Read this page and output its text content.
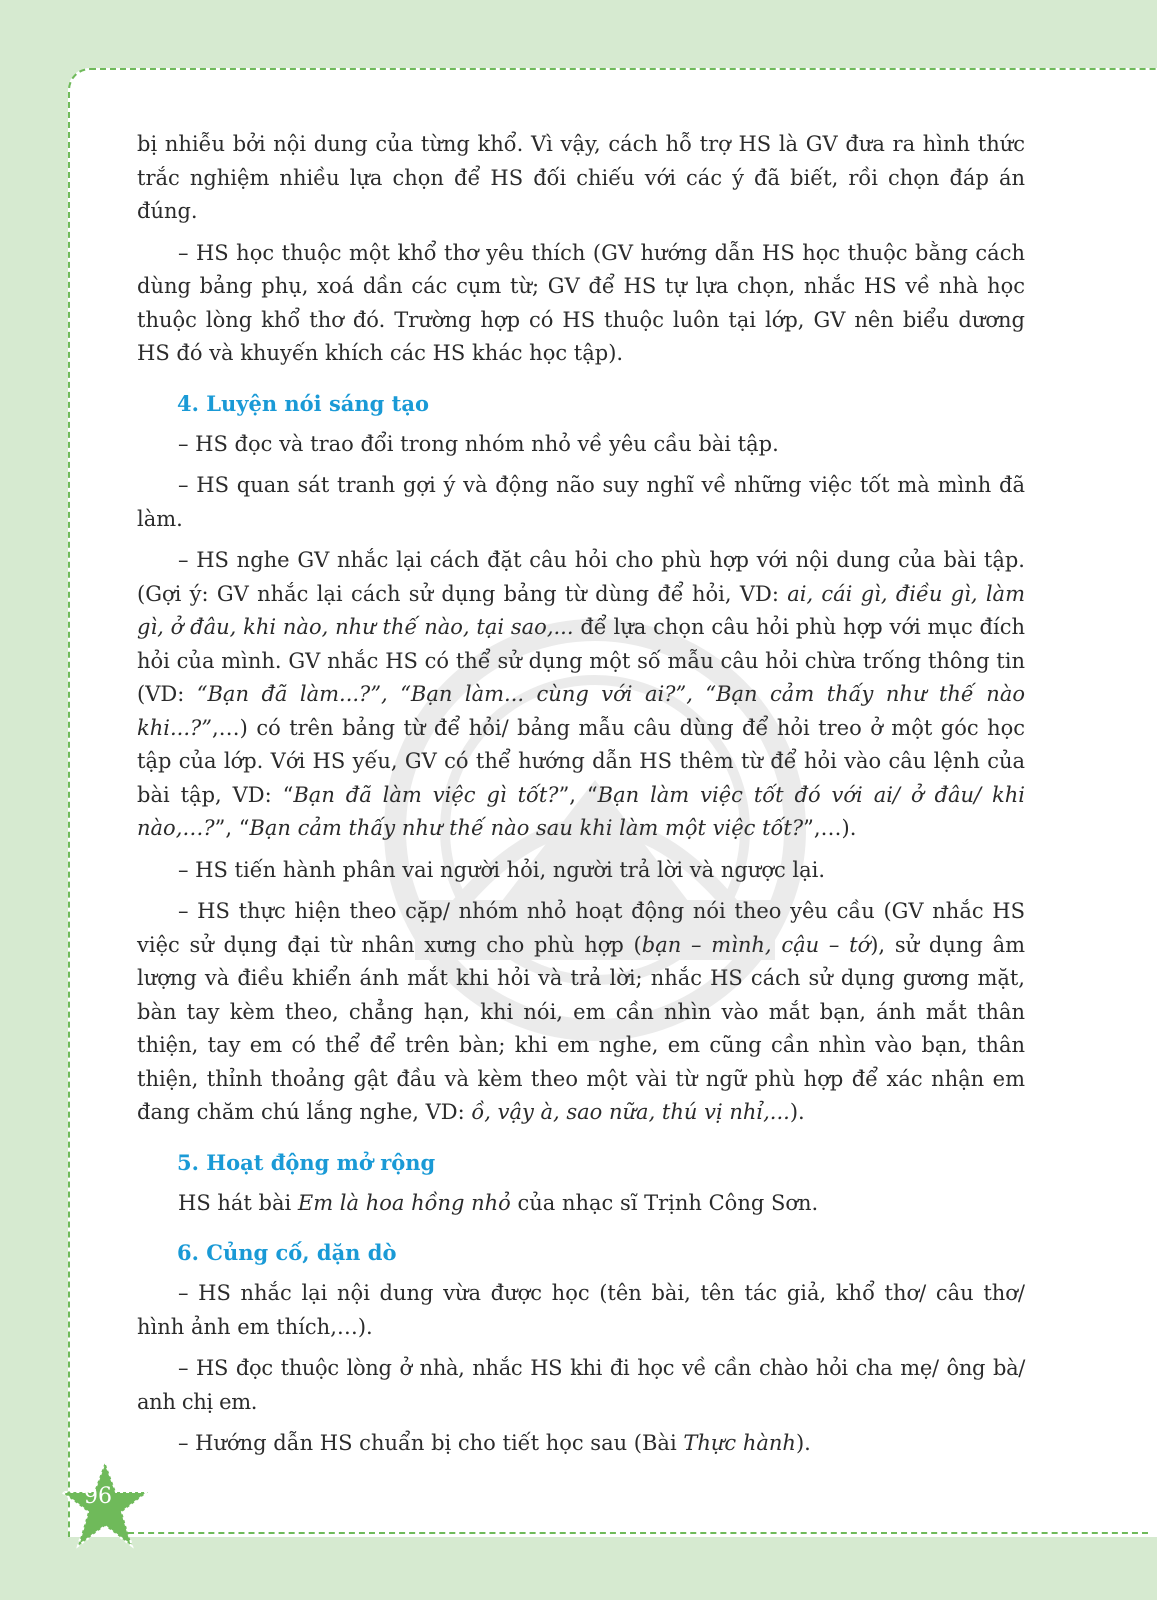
bị nhiễu bởi nội dung của từng khổ. Vì vậy, cách hỗ trợ HS là GV đưa ra hình thức trắc nghiệm nhiều lựa chọn để HS đối chiếu với các ý đã biết, rồi chọn đáp án đúng.

– HS học thuộc một khổ thơ yêu thích (GV hướng dẫn HS học thuộc bằng cách dùng bảng phụ, xoá dần các cụm từ; GV để HS tự lựa chọn, nhắc HS về nhà học thuộc lòng khổ thơ đó. Trường hợp có HS thuộc luôn tại lớp, GV nên biểu dương HS đó và khuyến khích các HS khác học tập).

4. Luyện nói sáng tạo

– HS đọc và trao đổi trong nhóm nhỏ về yêu cầu bài tập.

– HS quan sát tranh gợi ý và động não suy nghĩ về những việc tốt mà mình đã làm.

– HS nghe GV nhắc lại cách đặt câu hỏi cho phù hợp với nội dung của bài tập. (Gợi ý: GV nhắc lại cách sử dụng bảng từ dùng để hỏi, VD: ai, cái gì, điều gì, làm gì, ở đâu, khi nào, như thế nào, tại sao,... để lựa chọn câu hỏi phù hợp với mục đích hỏi của mình. GV nhắc HS có thể sử dụng một số mẫu câu hỏi chừa trống thông tin (VD: “Bạn đã làm...?”, “Bạn làm... cùng với ai?”, “Bạn cảm thấy như thế nào khi...?”,…) có trên bảng từ để hỏi/ bảng mẫu câu dùng để hỏi treo ở một góc học tập của lớp. Với HS yếu, GV có thể hướng dẫn HS thêm từ để hỏi vào câu lệnh của bài tập, VD: “Bạn đã làm việc gì tốt?”, “Bạn làm việc tốt đó với ai/ ở đâu/ khi nào,…?”, “Bạn cảm thấy như thế nào sau khi làm một việc tốt?”,…).

– HS tiến hành phân vai người hỏi, người trả lời và ngược lại.

– HS thực hiện theo cặp/ nhóm nhỏ hoạt động nói theo yêu cầu (GV nhắc HS việc sử dụng đại từ nhân xưng cho phù hợp (bạn – mình, cậu – tớ), sử dụng âm lượng và điều khiển ánh mắt khi hỏi và trả lời; nhắc HS cách sử dụng gương mặt, bàn tay kèm theo, chẳng hạn, khi nói, em cần nhìn vào mắt bạn, ánh mắt thân thiện, tay em có thể để trên bàn; khi em nghe, em cũng cần nhìn vào bạn, thân thiện, thỉnh thoảng gật đầu và kèm theo một vài từ ngữ phù hợp để xác nhận em đang chăm chú lắng nghe, VD: ồ, vậy à, sao nữa, thú vị nhỉ,...).

5. Hoạt động mở rộng

HS hát bài Em là hoa hồng nhỏ của nhạc sĩ Trịnh Công Sơn.

6. Củng cố, dặn dò

– HS nhắc lại nội dung vừa được học (tên bài, tên tác giả, khổ thơ/ câu thơ/ hình ảnh em thích,…).

– HS đọc thuộc lòng ở nhà, nhắc HS khi đi học về cần chào hỏi cha mẹ/ ông bà/ anh chị em.

– Hướng dẫn HS chuẩn bị cho tiết học sau (Bài Thực hành).

96
